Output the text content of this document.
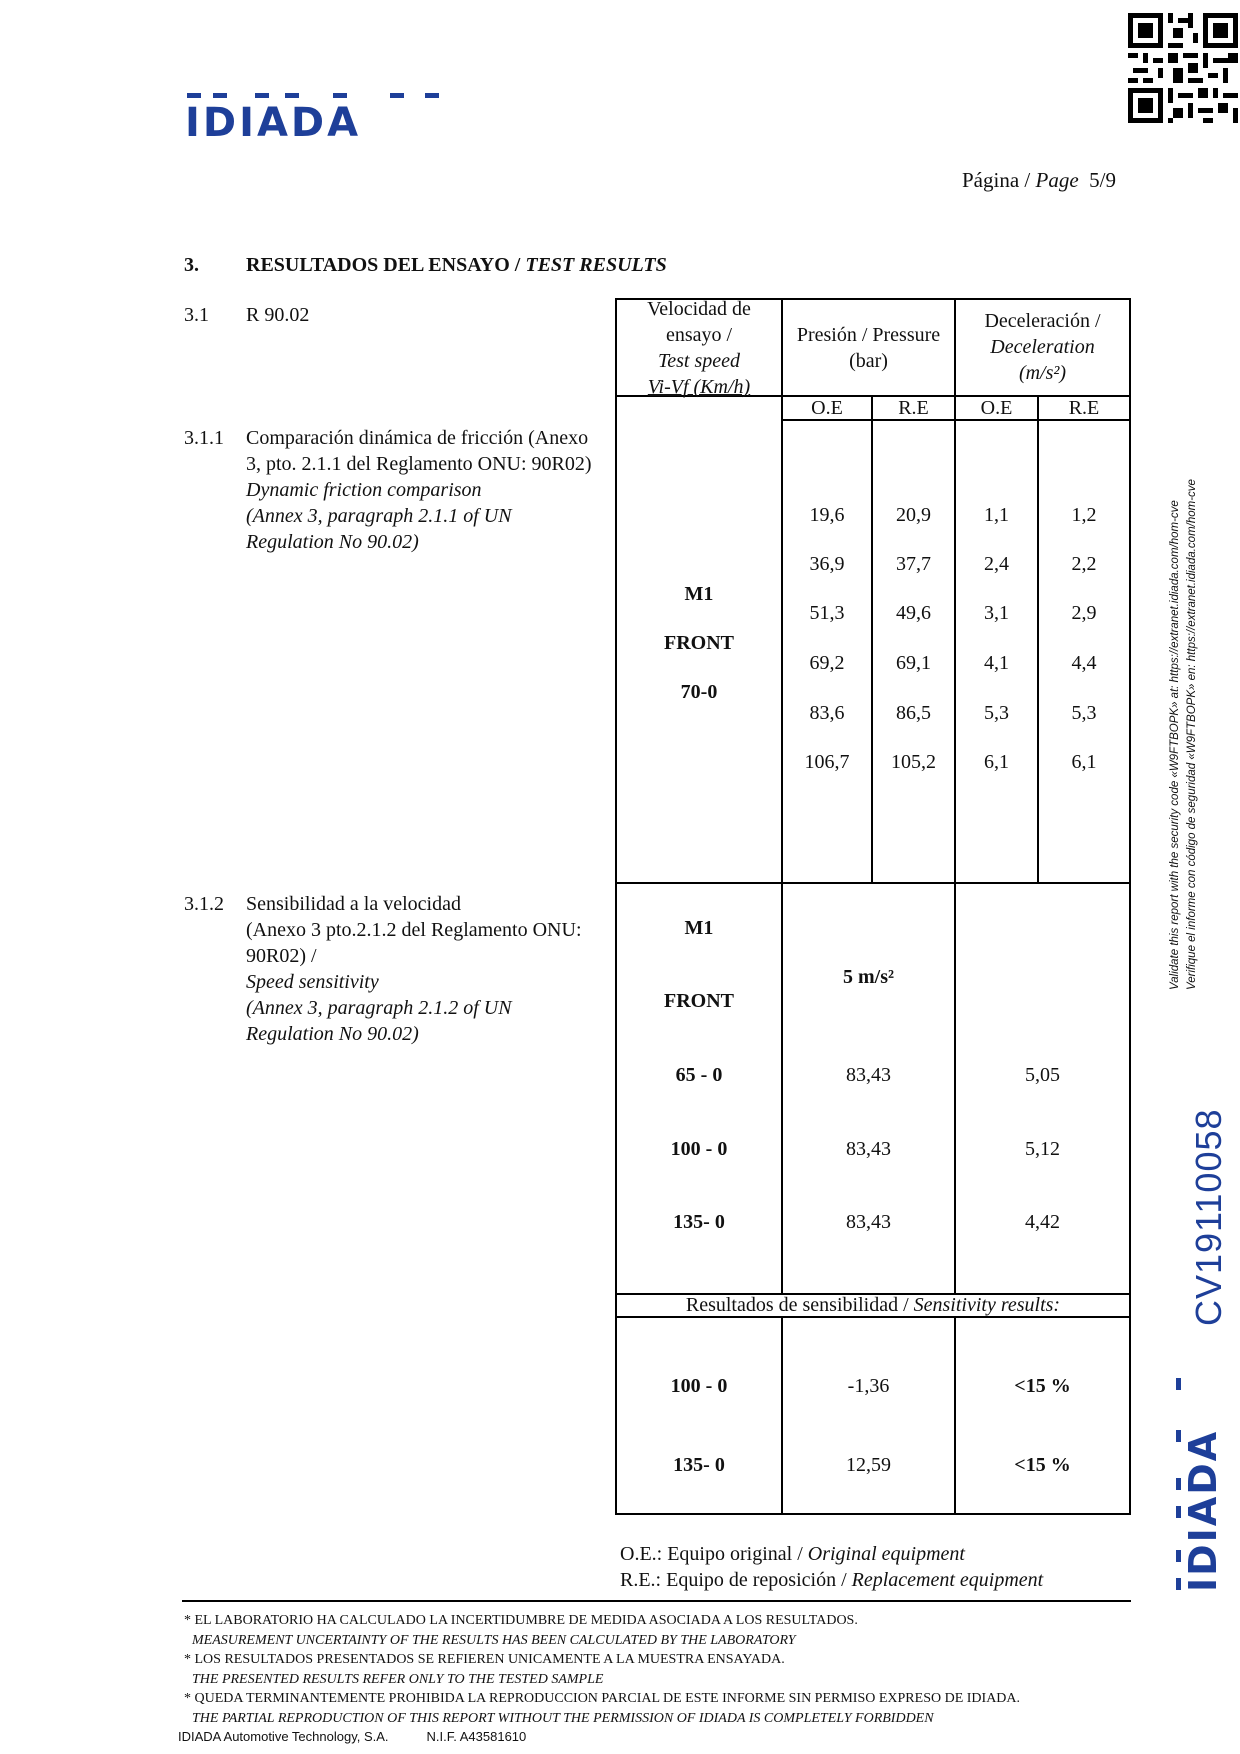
IDIADA
Página / Page 5/9
3. RESULTADOS DEL ENSAYO / TEST RESULTS
3.1 R 90.02
3.1.1 Comparación dinámica de fricción (Anexo
3, pto. 2.1.1 del Reglamento ONU: 90R02)
Dynamic friction comparison
(Annex 3, paragraph 2.1.1 of UN
Regulation No 90.02)
3.1.2 Sensibilidad a la velocidad
(Anexo 3 pto.2.1.2 del Reglamento ONU:
90R02) /
Speed sensitivity
(Annex 3, paragraph 2.1.2 of UN
Regulation No 90.02)
Velocidad de
ensayo /
Test speed
Vi-Vf (Km/h)
Presión / Pressure
(bar)
Deceleración /
Deceleration
(m/s²)
O.E	R.E	O.E	R.E
M1
FRONT
70-0
19,6	20,9	1,1	1,2
36,9	37,7	2,4	2,2
51,3	49,6	3,1	2,9
69,2	69,1	4,1	4,4
83,6	86,5	5,3	5,3
106,7	105,2	6,1	6,1
M1
FRONT
5 m/s²
65 - 0	83,43	5,05
100 - 0	83,43	5,12
135- 0	83,43	4,42
Resultados de sensibilidad / Sensitivity results:
100 - 0	-1,36	<15 %
135- 0	12,59	<15 %
O.E.: Equipo original / Original equipment
R.E.: Equipo de reposición / Replacement equipment
* EL LABORATORIO HA CALCULADO LA INCERTIDUMBRE DE MEDIDA ASOCIADA A LOS RESULTADOS.
MEASUREMENT UNCERTAINTY OF THE RESULTS HAS BEEN CALCULATED BY THE LABORATORY
* LOS RESULTADOS PRESENTADOS SE REFIEREN UNICAMENTE A LA MUESTRA ENSAYADA.
THE PRESENTED RESULTS REFER ONLY TO THE TESTED SAMPLE
* QUEDA TERMINANTEMENTE PROHIBIDA LA REPRODUCCION PARCIAL DE ESTE INFORME SIN PERMISO EXPRESO DE IDIADA.
THE PARTIAL REPRODUCTION OF THIS REPORT WITHOUT THE PERMISSION OF IDIADA IS COMPLETELY FORBIDDEN
IDIADA Automotive Technology, S.A.	N.I.F. A43581610
Validate this report with the security code «W9FTBOPK» at: https://extranet.idiada.com/hom-cve Verifique el informe con código de seguridad «W9FTBOPK» en: https://extranet.idiada.com/hom-cve
CV19110058
IDIADA
